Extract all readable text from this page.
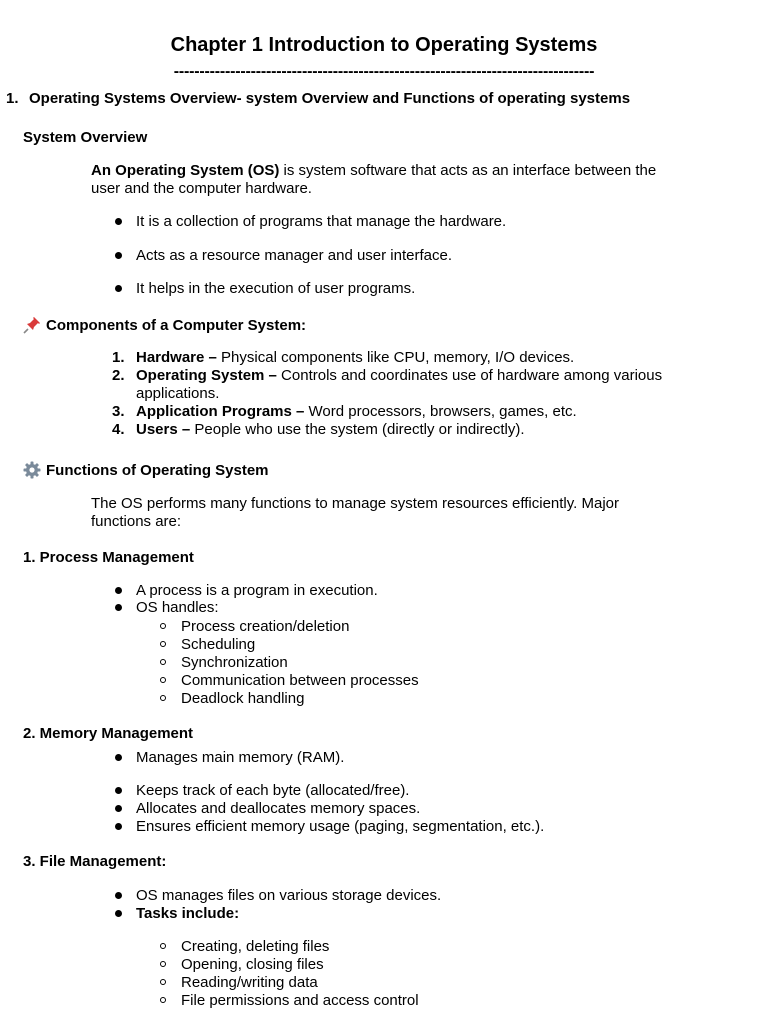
Chapter 1 Introduction to Operating Systems
----------------------------------------------------------------------------------
1. Operating Systems Overview- system Overview and Functions of operating systems
System Overview
An Operating System (OS) is system software that acts as an interface between the
user and the computer hardware.
It is a collection of programs that manage the hardware.
Acts as a resource manager and user interface.
It helps in the execution of user programs.
Components of a Computer System:
1. Hardware – Physical components like CPU, memory, I/O devices.
2. Operating System – Controls and coordinates use of hardware among various
applications.
3. Application Programs – Word processors, browsers, games, etc.
4. Users – People who use the system (directly or indirectly).
Functions of Operating System
The OS performs many functions to manage system resources efficiently. Major
functions are:
1. Process Management
A process is a program in execution.
OS handles:
Process creation/deletion
Scheduling
Synchronization
Communication between processes
Deadlock handling
2. Memory Management
Manages main memory (RAM).
Keeps track of each byte (allocated/free).
Allocates and deallocates memory spaces.
Ensures efficient memory usage (paging, segmentation, etc.).
3. File Management:
OS manages files on various storage devices.
Tasks include:
Creating, deleting files
Opening, closing files
Reading/writing data
File permissions and access control
